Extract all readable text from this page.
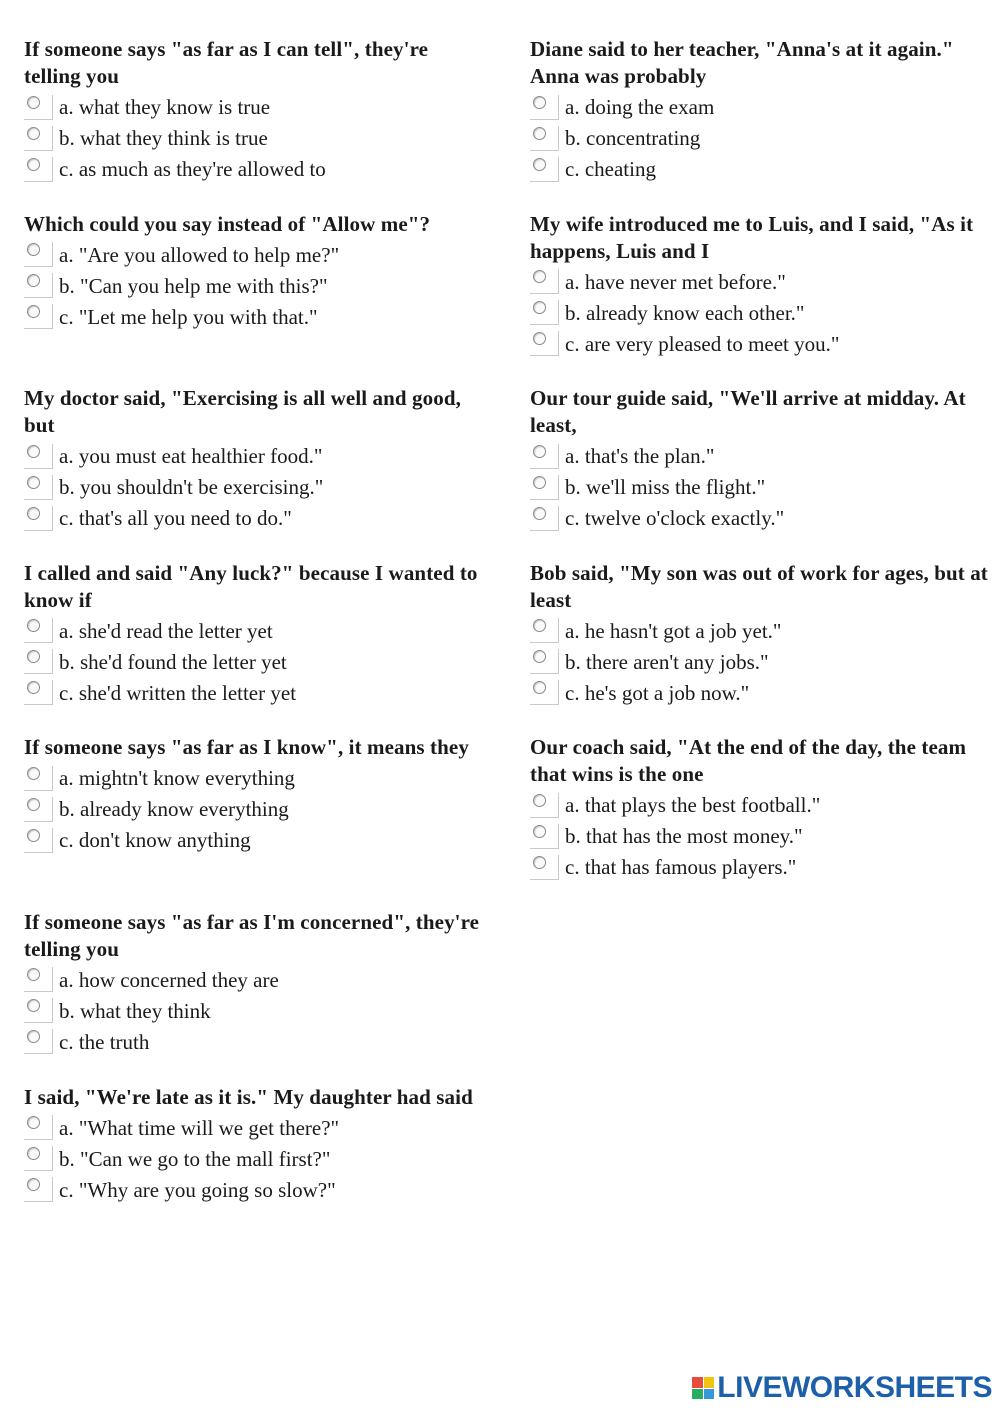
If someone says "as far as I can tell", they're telling you
a. what they know is true
b. what they think is true
c. as much as they're allowed to
Which could you say instead of "Allow me"?
a. "Are you allowed to help me?"
b. "Can you help me with this?"
c. "Let me help you with that."
My doctor said, "Exercising is all well and good, but
a. you must eat healthier food."
b. you shouldn't be exercising."
c. that's all you need to do."
I called and said "Any luck?" because I wanted to know if
a. she'd read the letter yet
b. she'd found the letter yet
c. she'd written the letter yet
If someone says "as far as I know", it means they
a. mightn't know everything
b. already know everything
c. don't know anything
If someone says "as far as I'm concerned", they're telling you
a. how concerned they are
b. what they think
c. the truth
I said, "We're late as it is." My daughter had said
a. "What time will we get there?"
b. "Can we go to the mall first?"
c. "Why are you going so slow?"
Diane said to her teacher, "Anna's at it again." Anna was probably
a. doing the exam
b. concentrating
c. cheating
My wife introduced me to Luis, and I said, "As it happens, Luis and I
a. have never met before."
b. already know each other."
c. are very pleased to meet you."
Our tour guide said, "We'll arrive at midday. At least,
a. that's the plan."
b. we'll miss the flight."
c. twelve o'clock exactly."
Bob said, "My son was out of work for ages, but at least
a. he hasn't got a job yet."
b. there aren't any jobs."
c. he's got a job now."
Our coach said, "At the end of the day, the team that wins is the one
a. that plays the best football."
b. that has the most money."
c. that has famous players."
LIVEWORKSHEETS
